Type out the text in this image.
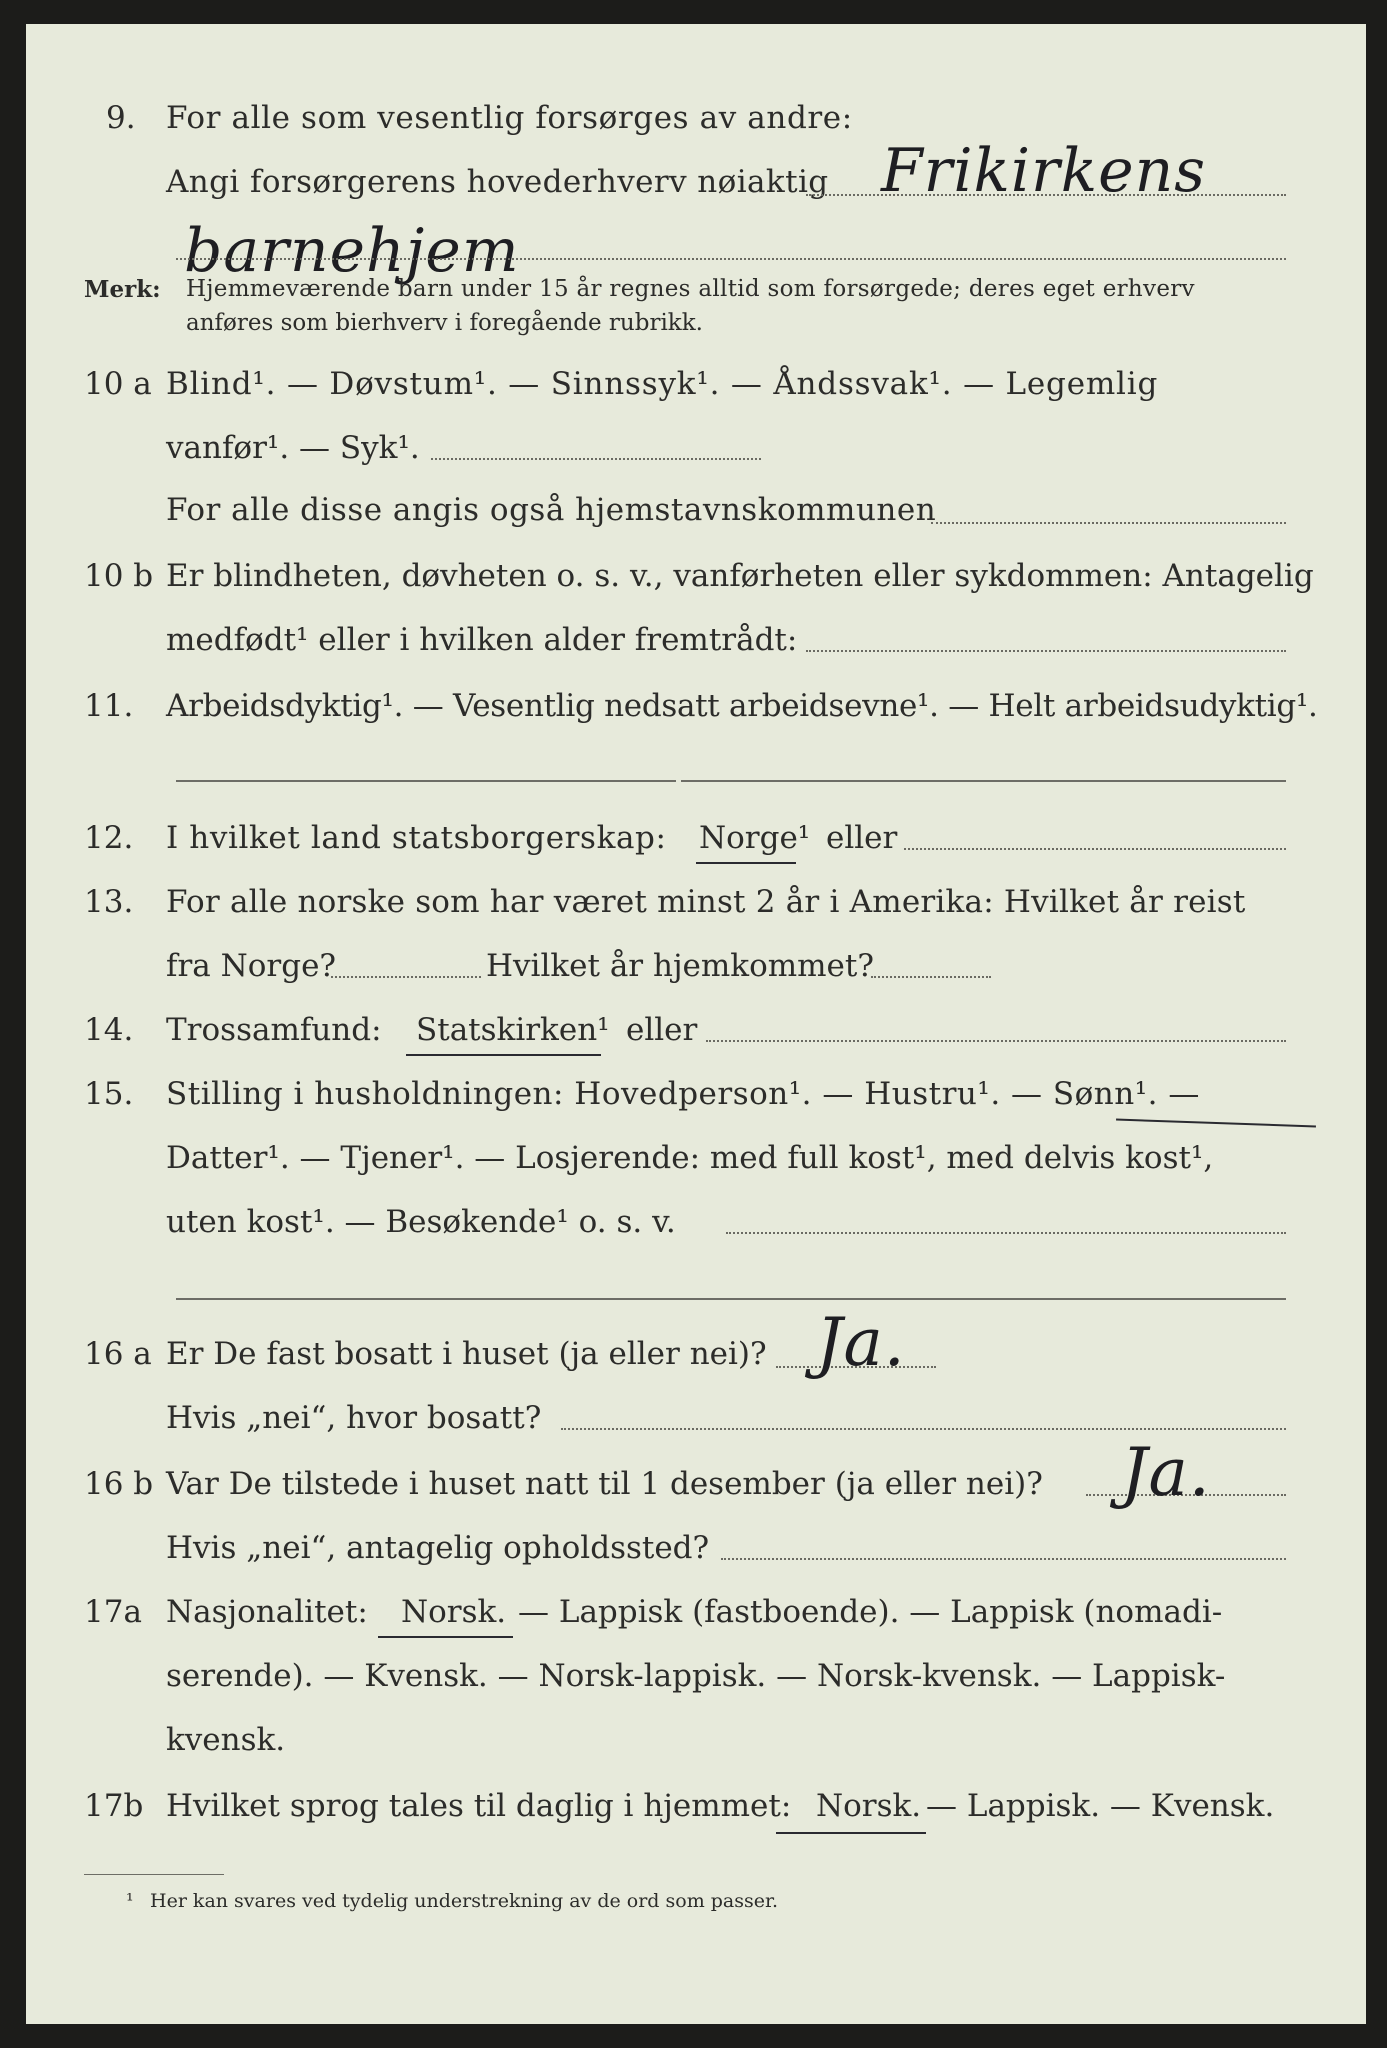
9. For alle som vesentlig forsørges av andre:
Angi forsørgerens hovederhverv nøiaktig Frikirkens
barnehjem
Merk: Hjemmeværende barn under 15 år regnes alltid som forsørgede; deres eget erhverv
anføres som bierhverv i foregående rubrikk.
10 a Blind¹. — Døvstum¹. — Sinnssyk¹. — Åndssvak¹. — Legemlig
vanfør¹. — Syk¹.
For alle disse angis også hjemstavnskommunen
10 b Er blindheten, døvheten o. s. v., vanførheten eller sykdommen: Antagelig
medfødt¹ eller i hvilken alder fremtrådt:
11. Arbeidsdyktig¹. — Vesentlig nedsatt arbeidsevne¹. — Helt arbeidsudyktig¹.
12. I hvilket land statsborgerskap: Norge¹ eller
13. For alle norske som har været minst 2 år i Amerika: Hvilket år reist
fra Norge?	Hvilket år hjemkommet?
14. Trossamfund: Statskirken¹ eller
15. Stilling i husholdningen: Hovedperson¹. — Hustru¹. — Sønn¹. —
Datter¹. — Tjener¹. — Losjerende: med full kost¹, med delvis kost¹,
uten kost¹. — Besøkende¹ o. s. v.
16 a Er De fast bosatt i huset (ja eller nei)? Ja.
Hvis „nei“, hvor bosatt?
16 b Var De tilstede i huset natt til 1 desember (ja eller nei)? Ja.
Hvis „nei“, antagelig opholdssted?
17a Nasjonalitet: Norsk. — Lappisk (fastboende). — Lappisk (nomadi-
serende). — Kvensk. — Norsk-lappisk. — Norsk-kvensk. — Lappisk-
kvensk.
17b Hvilket sprog tales til daglig i hjemmet: Norsk. — Lappisk. — Kvensk.
¹ Her kan svares ved tydelig understrekning av de ord som passer.
